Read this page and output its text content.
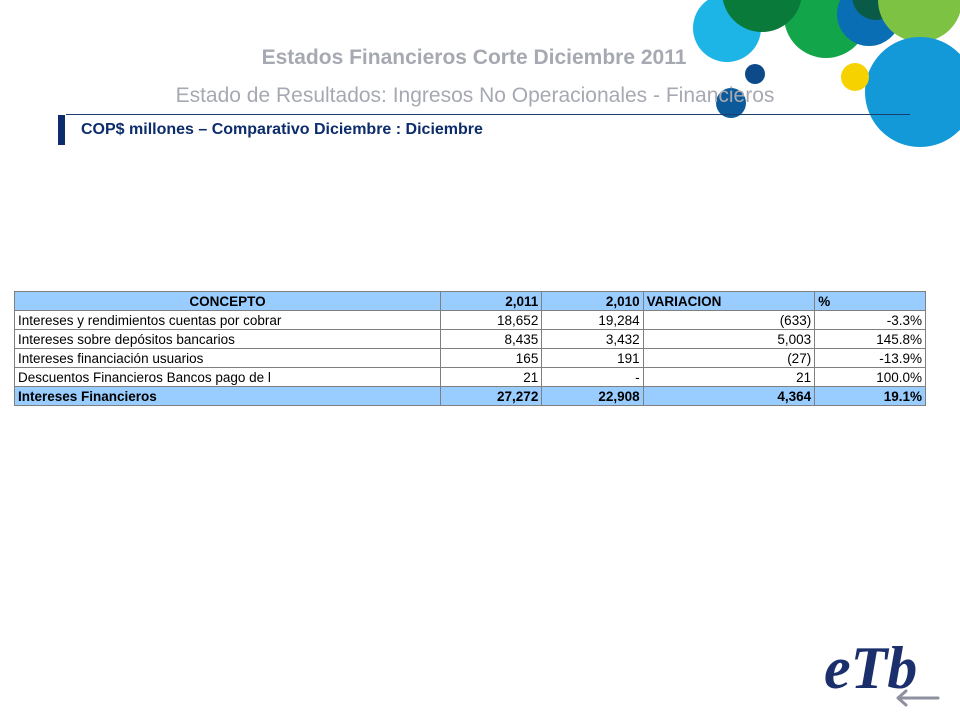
Estados Financieros Corte Diciembre 2011
Estado de Resultados: Ingresos No Operacionales - Financieros
COP$ millones – Comparativo Diciembre : Diciembre
CONCEPTO	2,011	2,010	VARIACION	%
Intereses y rendimientos cuentas por cobrar	18,652	19,284	(633)	-3.3%
Intereses sobre depósitos bancarios	8,435	3,432	5,003	145.8%
Intereses financiación usuarios	165	191	(27)	-13.9%
Descuentos Financieros Bancos pago de l	21	-	21	100.0%
Intereses Financieros	27,272	22,908	4,364	19.1%
eTb
